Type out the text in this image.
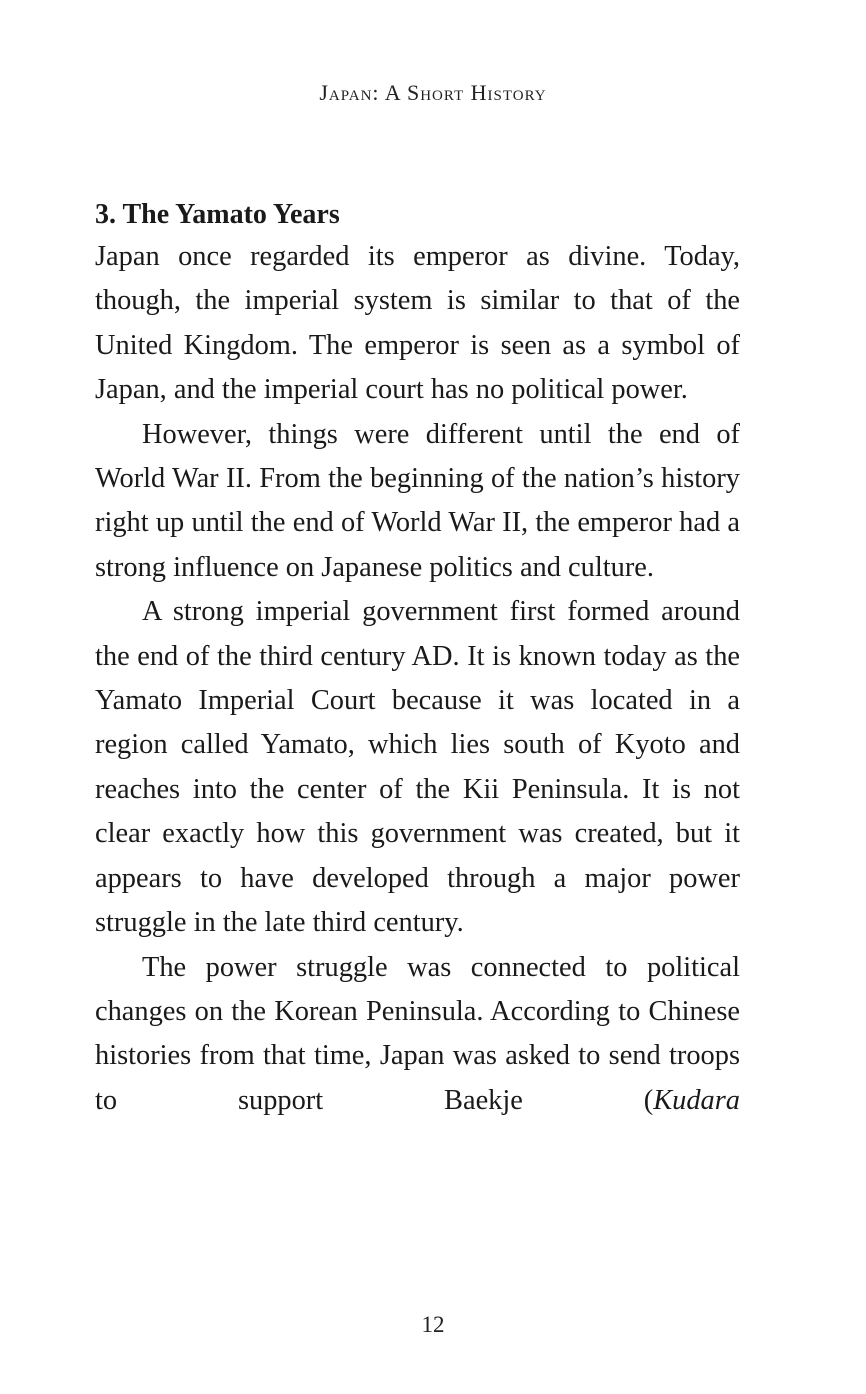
Japan: A Short History
3. The Yamato Years

Japan once regarded its emperor as divine. Today, though, the imperial system is similar to that of the United Kingdom. The emperor is seen as a symbol of Japan, and the imperial court has no political power.

However, things were different until the end of World War II. From the beginning of the nation’s history right up until the end of World War II, the emperor had a strong influence on Japanese politics and culture.

A strong imperial government first formed around the end of the third century AD. It is known today as the Yamato Imperial Court because it was located in a region called Yamato, which lies south of Kyoto and reaches into the center of the Kii Peninsula. It is not clear exactly how this government was created, but it appears to have developed through a major power struggle in the late third century.

The power struggle was connected to political changes on the Korean Peninsula. According to Chinese histories from that time, Japan was asked to send troops to support Baekje (Kudara

12
